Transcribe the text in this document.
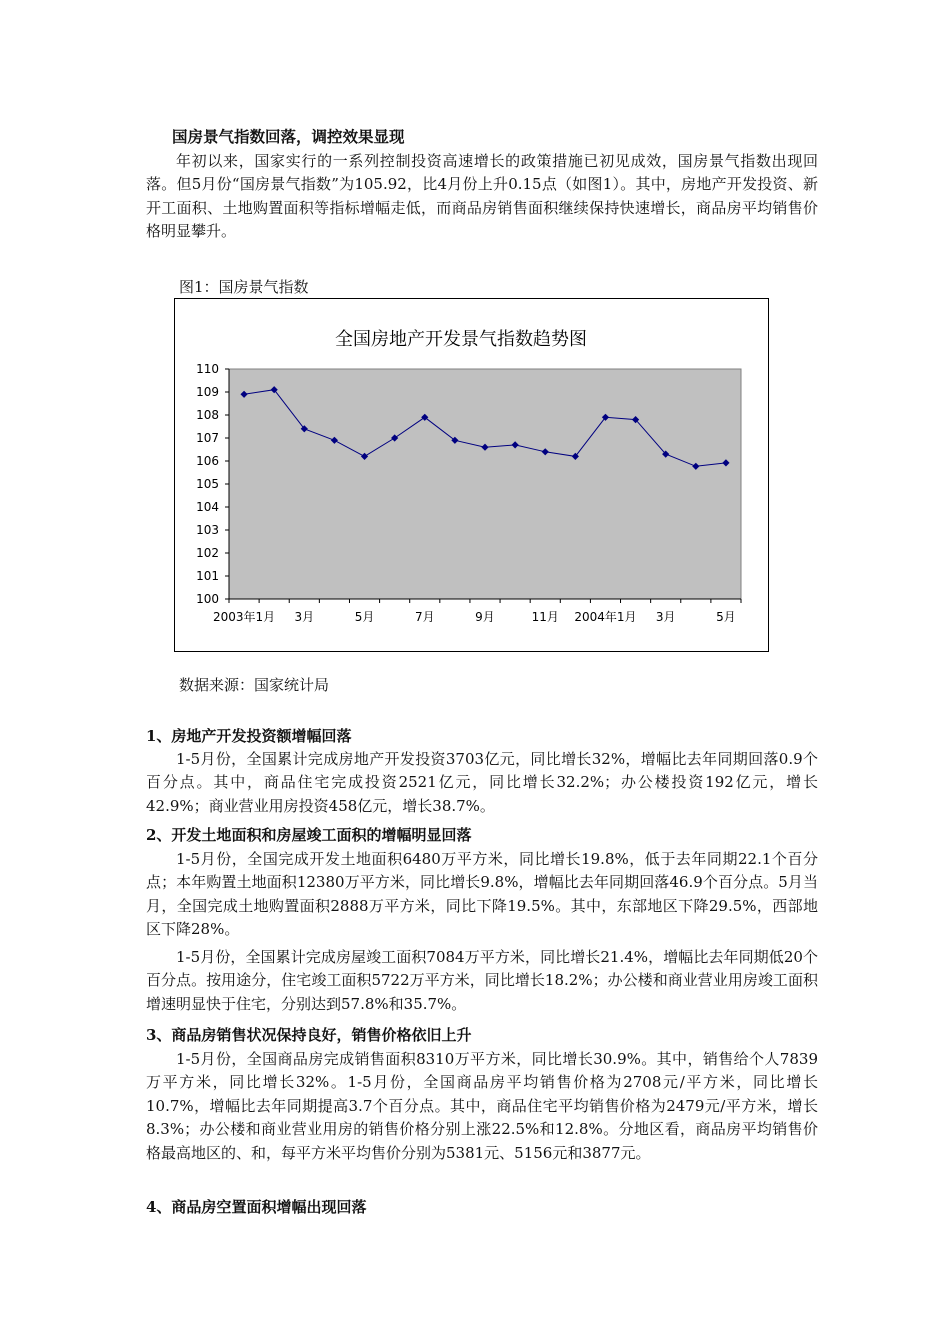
国房景气指数回落，调控效果显现

年初以来，国家实行的一系列控制投资高速增长的政策措施已初见成效，国房景气指数出现回落。但5月份“国房景气指数”为105.92，比4月份上升0.15点（如图1）。其中，房地产开发投资、新开工面积、土地购置面积等指标增幅走低，而商品房销售面积继续保持快速增长，商品房平均销售价格明显攀升。

图1：国房景气指数
全国房地产开发景气指数趋势图
110
109
108
107
106
105
104
103
102
101
100
2003年1月 3月	5月	7月	9月	11月 2004年1月 3月	5月
数据来源：国家统计局
1、房地产开发投资额增幅回落

1-5月份，全国累计完成房地产开发投资3703亿元，同比增长32%，增幅比去年同期回落0.9个百分点。其中，商品住宅完成投资2521亿元，同比增长32.2%；办公楼投资192亿元，增长42.9%；商业营业用房投资458亿元，增长38.7%。

2、开发土地面积和房屋竣工面积的增幅明显回落

1-5月份，全国完成开发土地面积6480万平方米，同比增长19.8%，低于去年同期22.1个百分点；本年购置土地面积12380万平方米，同比增长9.8%，增幅比去年同期回落46.9个百分点。5月当月，全国完成土地购置面积2888万平方米，同比下降19.5%。其中，东部地区下降29.5%，西部地区下降28%。

1-5月份，全国累计完成房屋竣工面积7084万平方米，同比增长21.4%，增幅比去年同期低20个百分点。按用途分，住宅竣工面积5722万平方米，同比增长18.2%；办公楼和商业营业用房竣工面积增速明显快于住宅，分别达到57.8%和35.7%。

3、商品房销售状况保持良好，销售价格依旧上升

1-5月份，全国商品房完成销售面积8310万平方米，同比增长30.9%。其中，销售给个人7839万平方米，同比增长32%。1-5月份，全国商品房平均销售价格为2708元/平方米，同比增长10.7%，增幅比去年同期提高3.7个百分点。其中，商品住宅平均销售价格为2479元/平方米，增长8.3%；办公楼和商业营业用房的销售价格分别上涨22.5%和12.8%。分地区看，商品房平均销售价格最高地区的、和，每平方米平均售价分别为5381元、5156元和3877元。

4、商品房空置面积增幅出现回落
